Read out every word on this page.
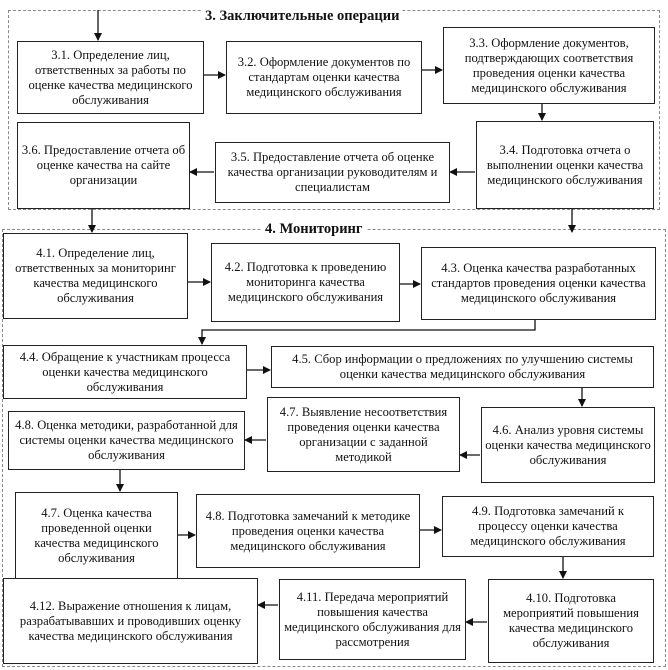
3. Заключительные операции
4. Мониторинг
3.1. Определение лиц, ответственных за работы по оценке качества медицинского обслуживания
3.2. Оформление документов по стандартам оценки качества медицинского обслуживания
3.3. Оформление документов, подтверждающих соответствия проведения оценки качества медицинского обслуживания
3.4. Подготовка отчета о выполнении оценки качества медицинского обслуживания
3.5. Предоставление отчета об оценке качества организации руководителям и специалистам
3.6. Предоставление отчета об оценке качества на сайте организации
4.1. Определение лиц, ответственных за мониторинг качества медицинского обслуживания
4.2. Подготовка к проведению мониторинга качества медицинского обслуживания
4.3. Оценка качества разработанных стандартов проведения оценки качества медицинского обслуживания
4.4. Обращение к участникам процесса оценки качества медицинского обслуживания
4.5. Сбор информации о предложениях по улучшению системы оценки качества медицинского обслуживания
4.6. Анализ уровня системы оценки качества медицинского обслуживания
4.7. Выявление несоответствия проведения оценки качества организации с заданной методикой
4.8. Оценка методики, разработанной для системы оценки качества медицинского обслуживания
4.7. Оценка качества проведенной оценки качества медицинского обслуживания
4.8. Подготовка замечаний к методике проведения оценки качества медицинского обслуживания
4.9. Подготовка замечаний к процессу оценки качества медицинского обслуживания
4.10. Подготовка мероприятий повышения качества медицинского обслуживания
4.11. Передача мероприятий повышения качества медицинского обслуживания для рассмотрения
4.12. Выражение отношения к лицам, разрабатывавших и проводивших оценку качества медицинского обслуживания
